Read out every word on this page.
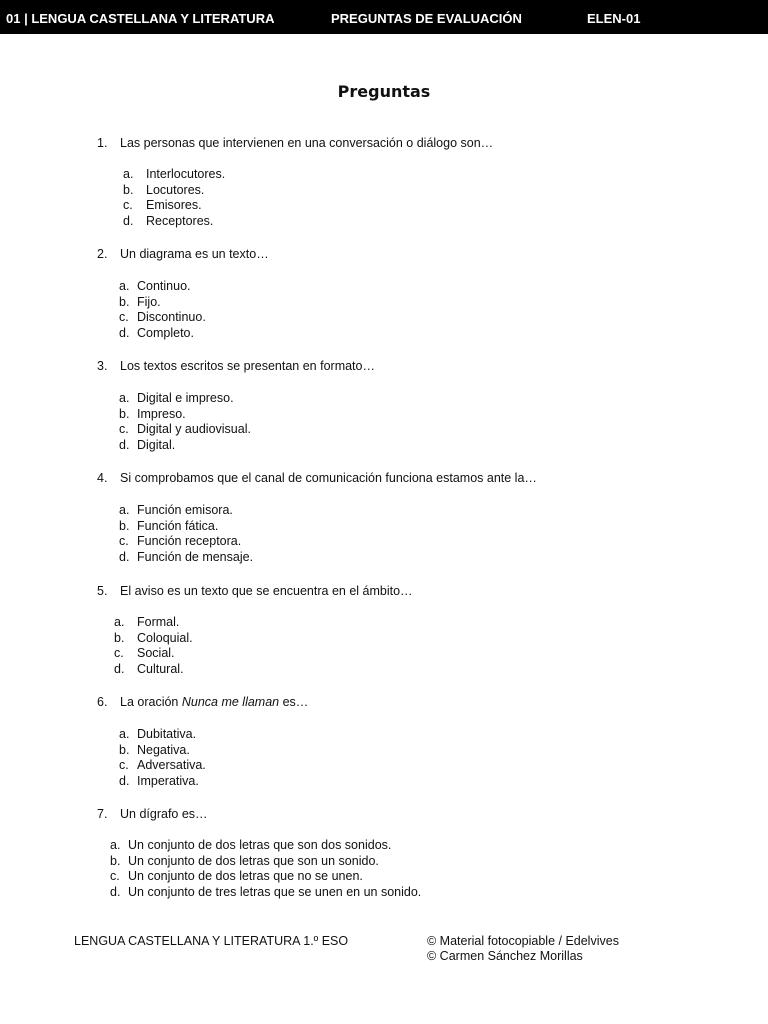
01 | LENGUA CASTELLANA Y LITERATURA	PREGUNTAS DE EVALUACIÓN	ELEN-01
Preguntas
1. Las personas que intervienen en una conversación o diálogo son…
a. Interlocutores.
b. Locutores.
c. Emisores.
d. Receptores.
2. Un diagrama es un texto…
a. Continuo.
b. Fijo.
c. Discontinuo.
d. Completo.
3. Los textos escritos se presentan en formato…
a. Digital e impreso.
b. Impreso.
c. Digital y audiovisual.
d. Digital.
4. Si comprobamos que el canal de comunicación funciona estamos ante la…
a. Función emisora.
b. Función fática.
c. Función receptora.
d. Función de mensaje.
5. El aviso es un texto que se encuentra en el ámbito…
a. Formal.
b. Coloquial.
c. Social.
d. Cultural.
6. La oración Nunca me llaman es…
a. Dubitativa.
b. Negativa.
c. Adversativa.
d. Imperativa.
7. Un dígrafo es…
a. Un conjunto de dos letras que son dos sonidos.
b. Un conjunto de dos letras que son un sonido.
c. Un conjunto de dos letras que no se unen.
d. Un conjunto de tres letras que se unen en un sonido.
LENGUA CASTELLANA Y LITERATURA 1.º ESO	© Material fotocopiable / Edelvives
© Carmen Sánchez Morillas
